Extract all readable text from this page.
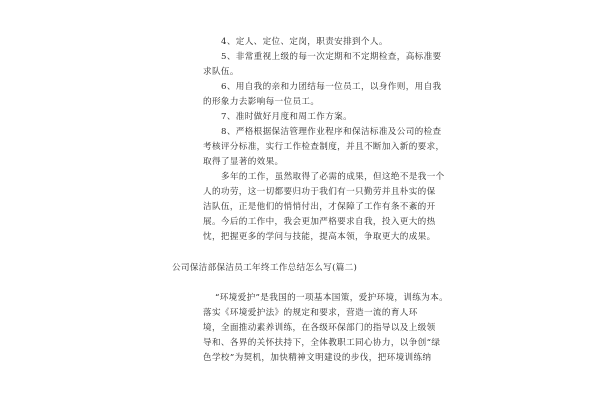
4、定人、定位、定岗，职责安排到个人。
5、非常重视上级的每一次定期和不定期检查，高标准要
求队伍。
6、用自我的亲和力团结每一位员工，以身作则，用自我
的形象力去影响每一位员工。
7、准时做好月度和周工作方案。
8、严格根据保洁管理作业程序和保洁标准及公司的检查
考核评分标准，实行工作检查制度，并且不断加入新的要求，
取得了显著的效果。
多年的工作，虽然取得了必需的成果，但这绝不是我一个
人的功劳，这一切都要归功于我们有一只勤劳并且朴实的保
洁队伍，正是他们的悄悄付出，才保障了工作有条不紊的开
展。今后的工作中，我会更加严格要求自我，投入更大的热
忱，把握更多的学问与技能，提高本领，争取更大的成果。
公司保洁部保洁员工年终工作总结怎么写(篇二)
“环境爱护”是我国的一项基本国策，爱护环境，训练为本。
落实《环境爱护法》的规定和要求，营造一流的育人环
境，全面推动素养训练，在各级环保部门的指导以及上级领
导和、各界的关怀扶持下，全体教职工同心协力，以争创“绿
色学校”为契机，加快精神文明建设的步伐，把环境训练纳
